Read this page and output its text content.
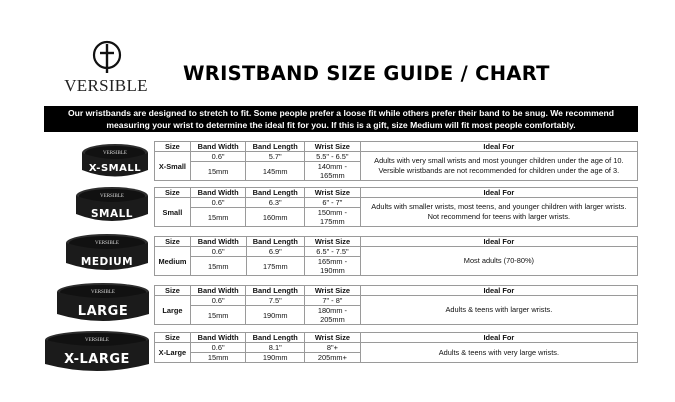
VERSIBLE
WRISTBAND SIZE GUIDE / CHART
Our wristbands are designed to stretch to fit. Some people prefer a loose fit while others prefer their band to be snug. We recommend
measuring your wrist to determine the ideal fit for you. If this is a gift, size Medium will fit most people comfortably.
VERSIBLE
X-SMALL
VERSIBLE
SMALL
VERSIBLE
MEDIUM
VERSIBLE
LARGE
VERSIBLE
X-LARGE
Size	Band Width	Band Length	Wrist Size	Ideal For
X-Small	0.6"	5.7"	5.5" - 6.5"	Adults with very small wrists and most younger children under the age of 10.
Versible wristbands are not recommended for children under the age of 3.

	15mm	145mm	140mm - 165mm	
Size	Band Width	Band Length	Wrist Size	Ideal For
Small	0.6"	6.3"	6" - 7"	Adults with smaller wrists, most teens, and younger children with larger wrists.
Not recommend for teens with larger wrists.

	15mm	160mm	150mm - 175mm	
Size	Band Width	Band Length	Wrist Size	Ideal For
Medium	0.6"	6.9"	6.5" - 7.5"	Most adults (70-80%)
	15mm	175mm	165mm - 190mm	
Size	Band Width	Band Length	Wrist Size	Ideal For
Large	0.6"	7.5"	7" - 8"	Adults & teens with larger wrists.
	15mm	190mm	180mm - 205mm	
Size	Band Width	Band Length	Wrist Size	Ideal For
X-Large	0.6"	8.1"	8"+	Adults & teens with very large wrists.
	15mm	190mm	205mm+	
